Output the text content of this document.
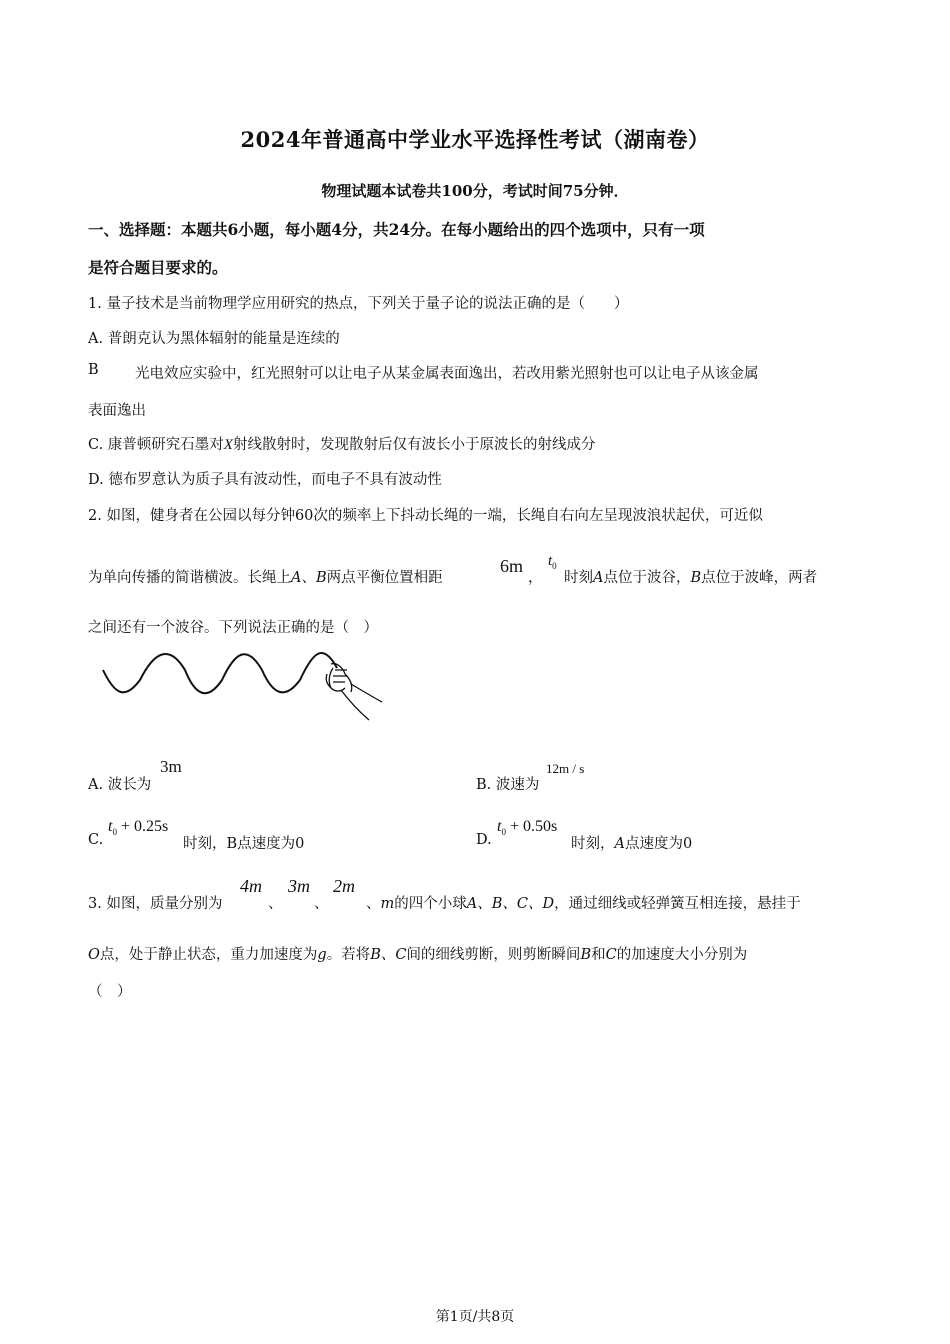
2024年普通高中学业水平选择性考试（湖南卷）
物理试题本试卷共100分，考试时间75分钟．
一、选择题：本题共6小题，每小题4分，共24分。在每小题给出的四个选项中，只有一项
是符合题目要求的。
1. 量子技术是当前物理学应用研究的热点，下列关于量子论的说法正确的是（　　）
A. 普朗克认为黑体辐射的能量是连续的
B	光电效应实验中，红光照射可以让电子从某金属表面逸出，若改用紫光照射也可以让电子从该金属
表面逸出
C. 康普顿研究石墨对X射线散射时，发现散射后仅有波长小于原波长的射线成分
D. 德布罗意认为质子具有波动性，而电子不具有波动性
2. 如图，健身者在公园以每分钟60次的频率上下抖动长绳的一端，长绳自右向左呈现波浪状起伏，可近似
为单向传播的简谐横波。长绳上A、B两点平衡位置相距
6m
，
$t_0$
时刻A点位于波谷，B点位于波峰，两者
之间还有一个波谷。下列说法正确的是（　）
A. 波长为
3m
B. 波速为
12m / s
C.
$t_0 + 0.25s$
时刻，B点速度为0	D.
$t_0 + 0.50s$
时刻，A点速度为0
3. 如图，质量分别为
4m
、
3m
、
2m
、m的四个小球A、B、C、D，通过细线或轻弹簧互相连接，悬挂于
O点，处于静止状态，重力加速度为g。若将B、C间的细线剪断，则剪断瞬间B和C的加速度大小分别为
（　）
第1页/共8页
